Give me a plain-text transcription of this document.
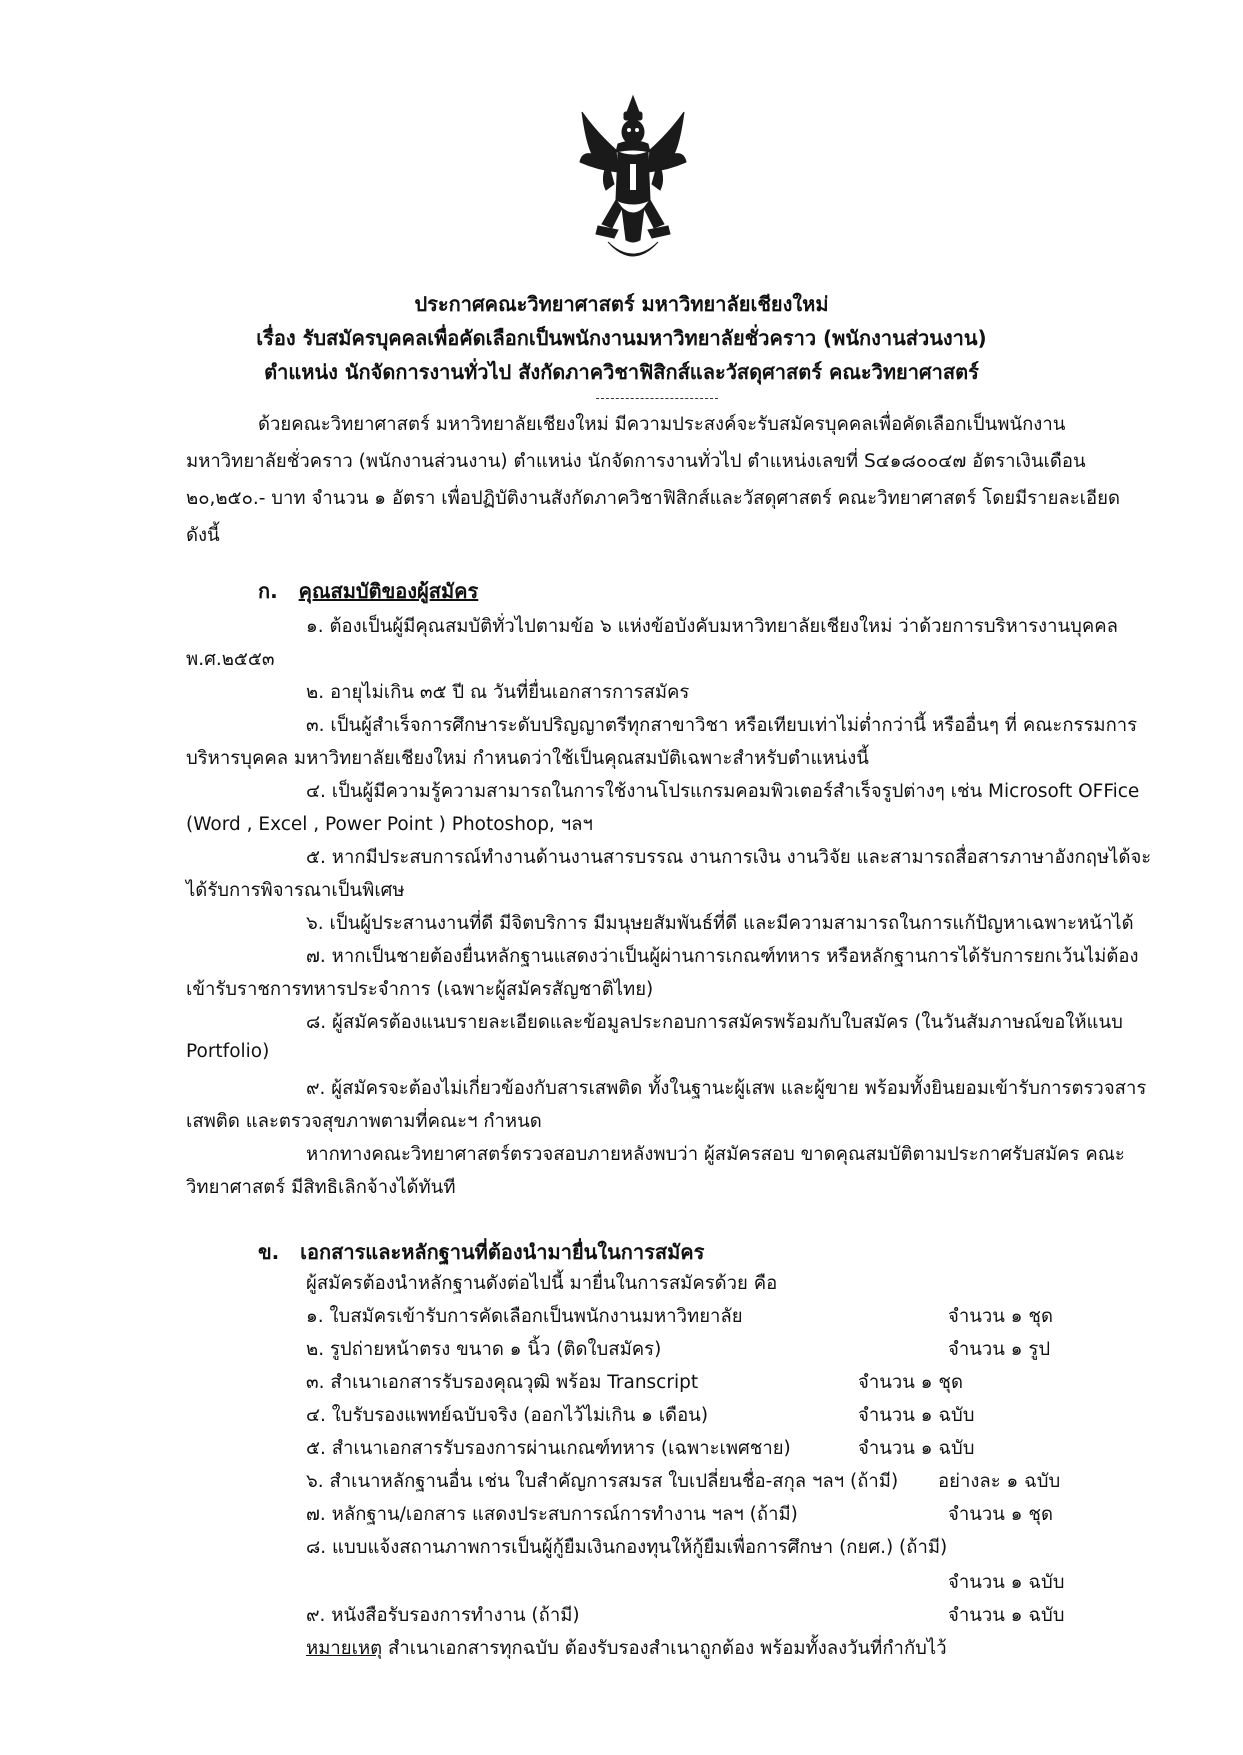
ประกาศคณะวิทยาศาสตร์ มหาวิทยาลัยเชียงใหม่
เรื่อง รับสมัครบุคคลเพื่อคัดเลือกเป็นพนักงานมหาวิทยาลัยชั่วคราว (พนักงานส่วนงาน)
ตำแหน่ง นักจัดการงานทั่วไป สังกัดภาควิชาฟิสิกส์และวัสดุศาสตร์ คณะวิทยาศาสตร์
ด้วยคณะวิทยาศาสตร์ มหาวิทยาลัยเชียงใหม่ มีความประสงค์จะรับสมัครบุคคลเพื่อคัดเลือกเป็นพนักงาน
มหาวิทยาลัยชั่วคราว (พนักงานส่วนงาน) ตำแหน่ง นักจัดการงานทั่วไป ตำแหน่งเลขที่ S๔๑๘๐๐๔๗ อัตราเงินเดือน
๒๐,๒๕๐.- บาท จำนวน ๑ อัตรา เพื่อปฏิบัติงานสังกัดภาควิชาฟิสิกส์และวัสดุศาสตร์ คณะวิทยาศาสตร์ โดยมีรายละเอียด
ดังนี้
ก. คุณสมบัติของผู้สมัคร
๑. ต้องเป็นผู้มีคุณสมบัติทั่วไปตามข้อ ๖ แห่งข้อบังคับมหาวิทยาลัยเชียงใหม่ ว่าด้วยการบริหารงานบุคคล
พ.ศ.๒๕๕๓
๒. อายุไม่เกิน ๓๕ ปี ณ วันที่ยื่นเอกสารการสมัคร
๓. เป็นผู้สำเร็จการศึกษาระดับปริญญาตรีทุกสาขาวิชา หรือเทียบเท่าไม่ต่ำกว่านี้ หรืออื่นๆ ที่ คณะกรรมการ
บริหารบุคคล มหาวิทยาลัยเชียงใหม่ กำหนดว่าใช้เป็นคุณสมบัติเฉพาะสำหรับตำแหน่งนี้
๔. เป็นผู้มีความรู้ความสามารถในการใช้งานโปรแกรมคอมพิวเตอร์สำเร็จรูปต่างๆ เช่น Microsoft OFFice
(Word , Excel , Power Point ) Photoshop, ฯลฯ
๕. หากมีประสบการณ์ทำงานด้านงานสารบรรณ งานการเงิน งานวิจัย และสามารถสื่อสารภาษาอังกฤษได้จะ
ได้รับการพิจารณาเป็นพิเศษ
๖. เป็นผู้ประสานงานที่ดี มีจิตบริการ มีมนุษยสัมพันธ์ที่ดี และมีความสามารถในการแก้ปัญหาเฉพาะหน้าได้
๗. หากเป็นชายต้องยื่นหลักฐานแสดงว่าเป็นผู้ผ่านการเกณฑ์ทหาร หรือหลักฐานการได้รับการยกเว้นไม่ต้อง
เข้ารับราชการทหารประจำการ (เฉพาะผู้สมัครสัญชาติไทย)
๘. ผู้สมัครต้องแนบรายละเอียดและข้อมูลประกอบการสมัครพร้อมกับใบสมัคร (ในวันสัมภาษณ์ขอให้แนบ
Portfolio)
๙. ผู้สมัครจะต้องไม่เกี่ยวข้องกับสารเสพติด ทั้งในฐานะผู้เสพ และผู้ขาย พร้อมทั้งยินยอมเข้ารับการตรวจสาร
เสพติด และตรวจสุขภาพตามที่คณะฯ กำหนด
หากทางคณะวิทยาศาสตร์ตรวจสอบภายหลังพบว่า ผู้สมัครสอบ ขาดคุณสมบัติตามประกาศรับสมัคร คณะ
วิทยาศาสตร์ มีสิทธิเลิกจ้างได้ทันที
ข. เอกสารและหลักฐานที่ต้องนำมายื่นในการสมัคร
ผู้สมัครต้องนำหลักฐานดังต่อไปนี้ มายื่นในการสมัครด้วย คือ
๑. ใบสมัครเข้ารับการคัดเลือกเป็นพนักงานมหาวิทยาลัย	จำนวน ๑ ชุด
๒. รูปถ่ายหน้าตรง ขนาด ๑ นิ้ว (ติดใบสมัคร)	จำนวน ๑ รูป
๓. สำเนาเอกสารรับรองคุณวุฒิ พร้อม Transcript	จำนวน ๑ ชุด
๔. ใบรับรองแพทย์ฉบับจริง (ออกไว้ไม่เกิน ๑ เดือน)	จำนวน ๑ ฉบับ
๕. สำเนาเอกสารรับรองการผ่านเกณฑ์ทหาร (เฉพาะเพศชาย)	จำนวน ๑ ฉบับ
๖. สำเนาหลักฐานอื่น เช่น ใบสำคัญการสมรส ใบเปลี่ยนชื่อ-สกุล ฯลฯ (ถ้ามี) อย่างละ ๑ ฉบับ
๗. หลักฐาน/เอกสาร แสดงประสบการณ์การทำงาน ฯลฯ (ถ้ามี)	จำนวน ๑ ชุด
๘. แบบแจ้งสถานภาพการเป็นผู้กู้ยืมเงินกองทุนให้กู้ยืมเพื่อการศึกษา (กยศ.) (ถ้ามี)
จำนวน ๑ ฉบับ
๙. หนังสือรับรองการทำงาน (ถ้ามี)	จำนวน ๑ ฉบับ
หมายเหตุ สำเนาเอกสารทุกฉบับ ต้องรับรองสำเนาถูกต้อง พร้อมทั้งลงวันที่กำกับไว้
